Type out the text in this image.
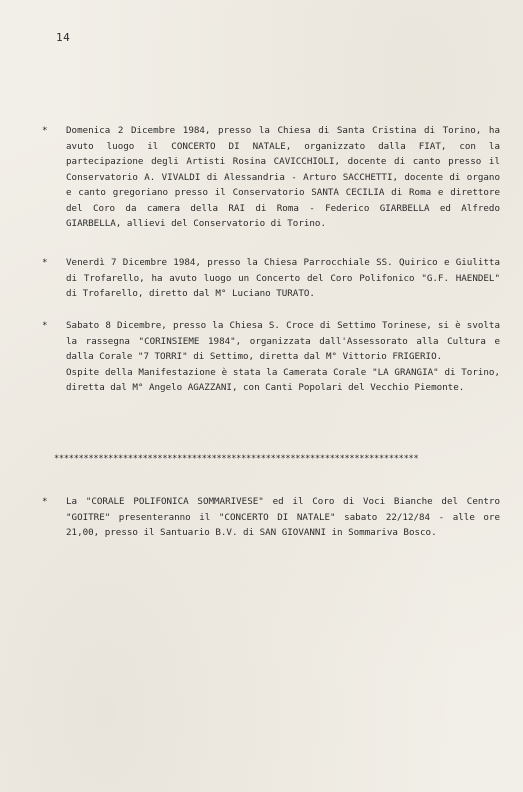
14

* Domenica 2 Dicembre 1984, presso la Chiesa di Santa Cristina di Torino, ha avuto luogo il CONCERTO DI NATALE, organizzato dalla FIAT, con la partecipazione degli Artisti Rosina CAVICCHIOLI, docente di canto presso il Conservatorio A. VIVALDI di Alessandria - Arturo SACCHETTI, docente di organo e canto gregoriano presso il Conservatorio SANTA CECILIA di Roma e direttore del Coro da camera della RAI di Roma - Federico GIARBELLA ed Alfredo GIARBELLA, allievi del Conservatorio di Torino.

* Venerdì 7 Dicembre 1984, presso la Chiesa Parrocchiale SS. Quirico e Giulitta di Trofarello, ha avuto luogo un Concerto del Coro Polifonico "G.F. HAENDEL" di Trofarello, diretto dal M° Luciano TURATO.

* Sabato 8 Dicembre, presso la Chiesa S. Croce di Settimo Torinese, si è svolta la rassegna "CORINSIEME 1984", organizzata dall'Assessorato alla Cultura e dalla Corale "7 TORRI" di Settimo, diretta dal M° Vittorio FRIGERIO.

Ospite della Manifestazione è stata la Camerata Corale "LA GRANGIA" di Torino, diretta dal M° Angelo AGAZZANI, con Canti Popolari del Vecchio Piemonte.

**************************************************************************

* La "CORALE POLIFONICA SOMMARIVESE" ed il Coro di Voci Bianche del Centro "GOITRE" presenteranno il "CONCERTO DI NATALE" sabato 22/12/84 - alle ore 21,00, presso il Santuario B.V. di SAN GIOVANNI in Sommariva Bosco.
